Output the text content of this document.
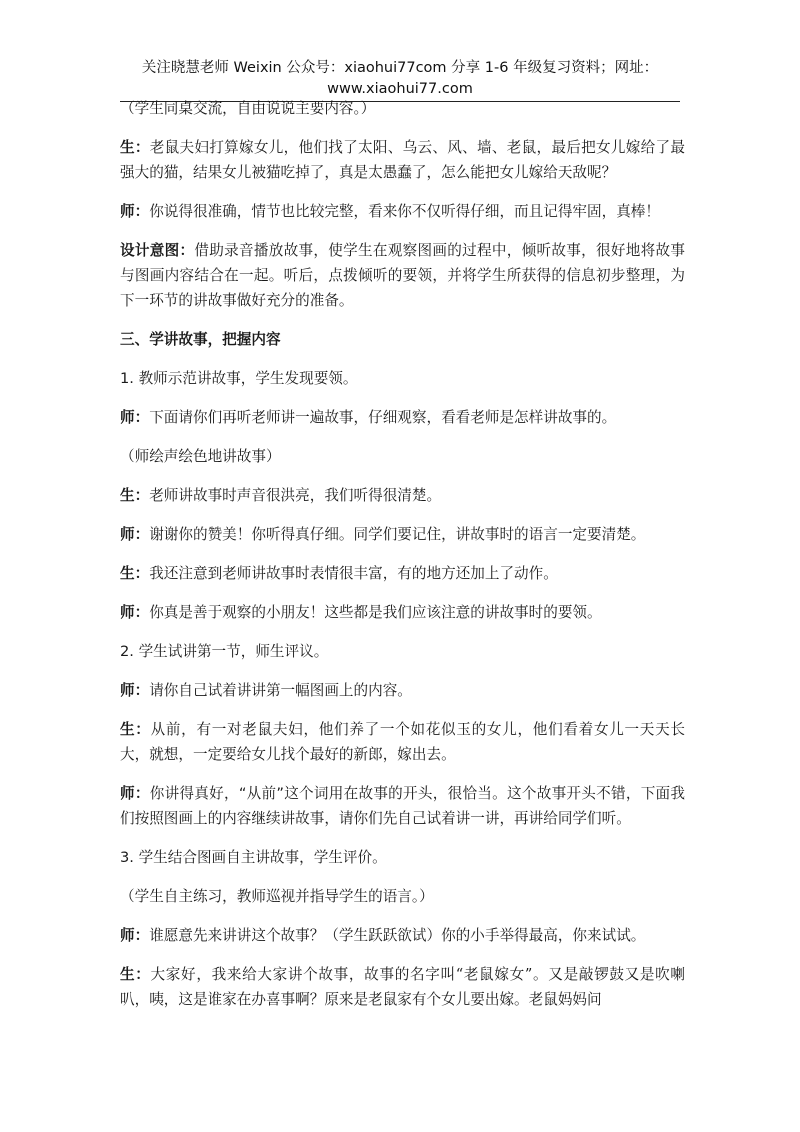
关注晓慧老师 Weixin 公众号：xiaohui77com 分享 1-6 年级复习资料；网址：
www.xiaohui77.com

（学生同桌交流，自由说说主要内容。）

生：老鼠夫妇打算嫁女儿，他们找了太阳、乌云、风、墙、老鼠，最后把女儿嫁给了最强大的猫，结果女儿被猫吃掉了，真是太愚蠢了，怎么能把女儿嫁给天敌呢？

师：你说得很准确，情节也比较完整，看来你不仅听得仔细，而且记得牢固，真棒！

设计意图：借助录音播放故事，使学生在观察图画的过程中，倾听故事，很好地将故事与图画内容结合在一起。听后，点拨倾听的要领，并将学生所获得的信息初步整理，为下一环节的讲故事做好充分的准备。

三、学讲故事，把握内容

1. 教师示范讲故事，学生发现要领。

师：下面请你们再听老师讲一遍故事，仔细观察，看看老师是怎样讲故事的。

（师绘声绘色地讲故事）

生：老师讲故事时声音很洪亮，我们听得很清楚。

师：谢谢你的赞美！你听得真仔细。同学们要记住，讲故事时的语言一定要清楚。

生：我还注意到老师讲故事时表情很丰富，有的地方还加上了动作。

师：你真是善于观察的小朋友！这些都是我们应该注意的讲故事时的要领。

2. 学生试讲第一节，师生评议。

师：请你自己试着讲讲第一幅图画上的内容。

生：从前，有一对老鼠夫妇，他们养了一个如花似玉的女儿，他们看着女儿一天天长大，就想，一定要给女儿找个最好的新郎，嫁出去。

师：你讲得真好，“从前”这个词用在故事的开头，很恰当。这个故事开头不错，下面我们按照图画上的内容继续讲故事，请你们先自己试着讲一讲，再讲给同学们听。

3. 学生结合图画自主讲故事，学生评价。

（学生自主练习，教师巡视并指导学生的语言。）

师：谁愿意先来讲讲这个故事？（学生跃跃欲试）你的小手举得最高，你来试试。

生：大家好，我来给大家讲个故事，故事的名字叫“老鼠嫁女”。又是敲锣鼓又是吹喇叭，咦，这是谁家在办喜事啊？原来是老鼠家有个女儿要出嫁。老鼠妈妈问
